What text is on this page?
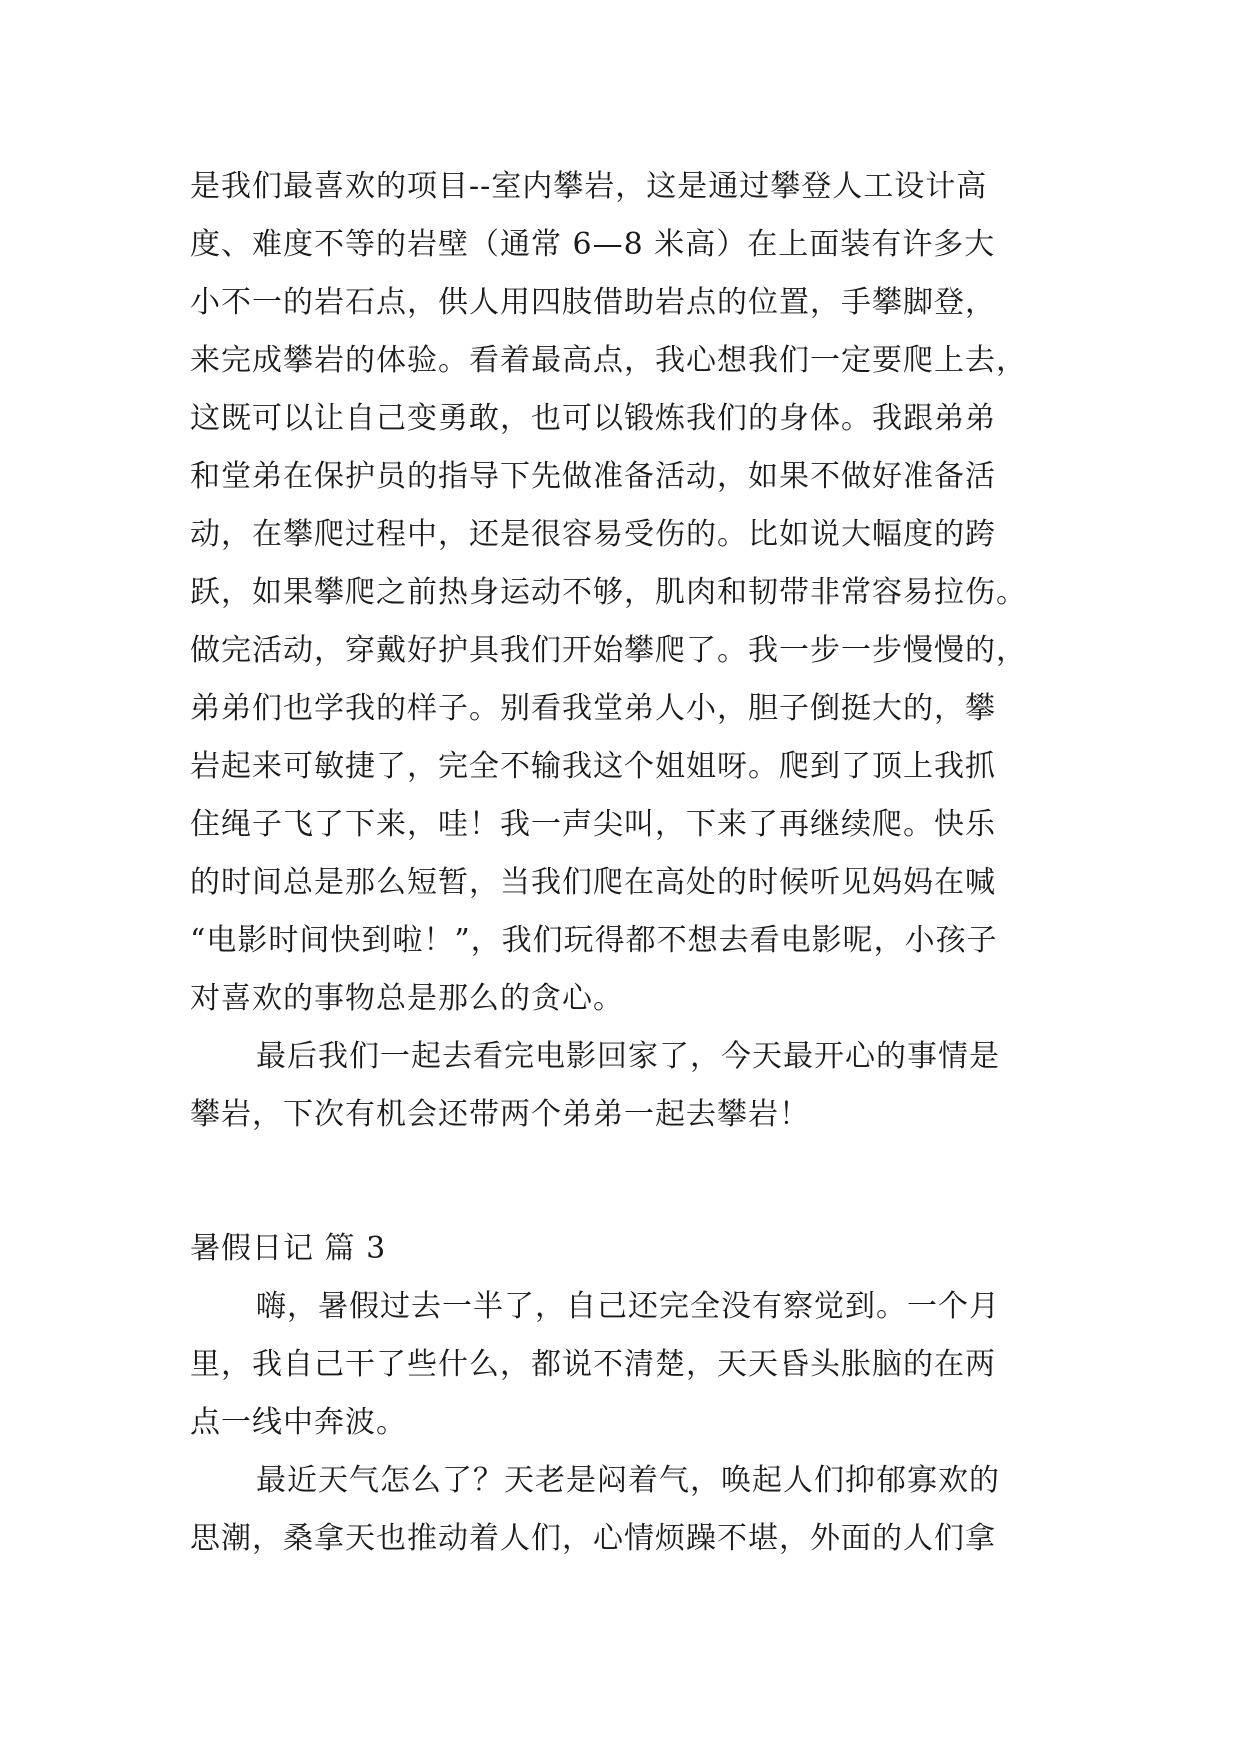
是我们最喜欢的项目--室内攀岩，这是通过攀登人工设计高
度、难度不等的岩壁（通常 6—8 米高）在上面装有许多大
小不一的岩石点，供人用四肢借助岩点的位置，手攀脚登，
来完成攀岩的体验。看着最高点，我心想我们一定要爬上去，
这既可以让自己变勇敢，也可以锻炼我们的身体。我跟弟弟
和堂弟在保护员的指导下先做准备活动，如果不做好准备活
动，在攀爬过程中，还是很容易受伤的。比如说大幅度的跨
跃，如果攀爬之前热身运动不够，肌肉和韧带非常容易拉伤。
做完活动，穿戴好护具我们开始攀爬了。我一步一步慢慢的，
弟弟们也学我的样子。别看我堂弟人小，胆子倒挺大的，攀
岩起来可敏捷了，完全不输我这个姐姐呀。爬到了顶上我抓
住绳子飞了下来，哇！我一声尖叫，下来了再继续爬。快乐
的时间总是那么短暂，当我们爬在高处的时候听见妈妈在喊
“电影时间快到啦！”，我们玩得都不想去看电影呢，小孩子
对喜欢的事物总是那么的贪心。
最后我们一起去看完电影回家了，今天最开心的事情是
攀岩，下次有机会还带两个弟弟一起去攀岩！
暑假日记 篇 3
嗨，暑假过去一半了，自己还完全没有察觉到。一个月
里，我自己干了些什么，都说不清楚，天天昏头胀脑的在两
点一线中奔波。
最近天气怎么了？天老是闷着气，唤起人们抑郁寡欢的
思潮，桑拿天也推动着人们，心情烦躁不堪，外面的人们拿
